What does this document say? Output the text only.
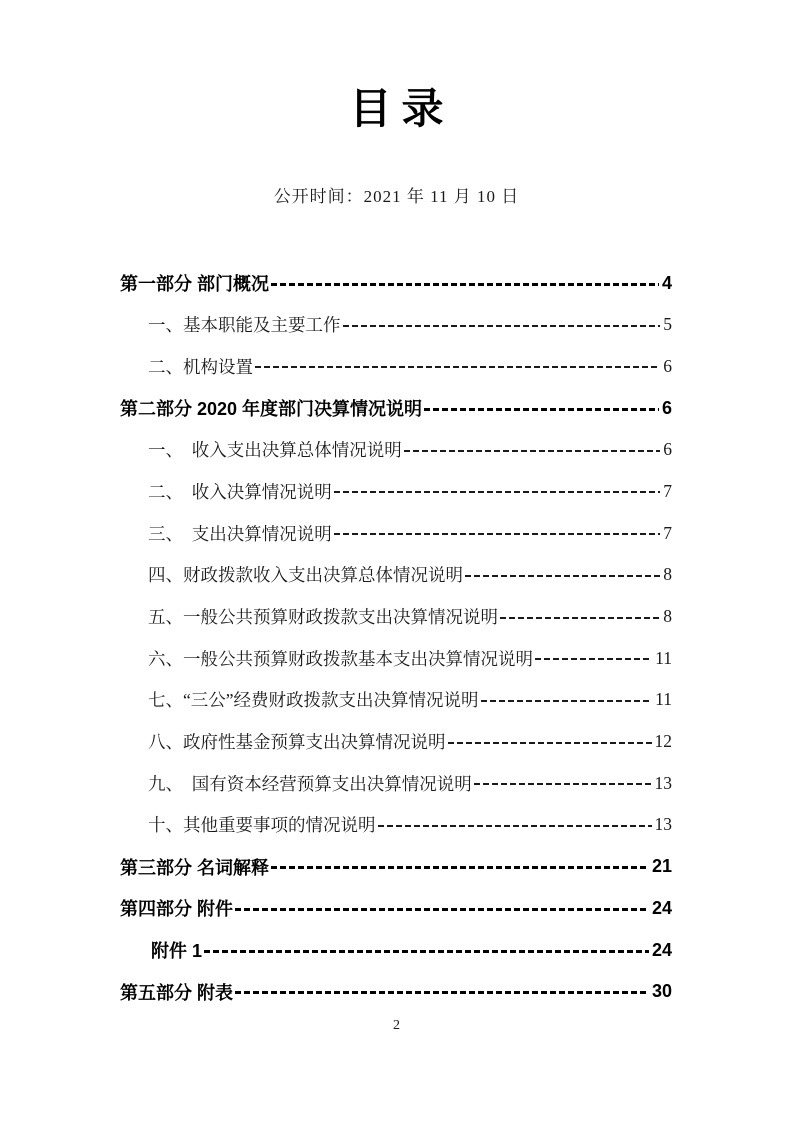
目录
公开时间：2021 年 11 月 10 日
第一部分 部门概况	4
一、基本职能及主要工作	5
二、机构设置	6
第二部分 2020 年度部门决算情况说明	6
一、　收入支出决算总体情况说明	6
二、　收入决算情况说明	7
三、　支出决算情况说明	7
四、财政拨款收入支出决算总体情况说明	8
五、一般公共预算财政拨款支出决算情况说明	8
六、一般公共预算财政拨款基本支出决算情况说明	11
七、“三公”经费财政拨款支出决算情况说明	11
八、政府性基金预算支出决算情况说明	12
九、　国有资本经营预算支出决算情况说明	13
十、其他重要事项的情况说明	13
第三部分 名词解释	21
第四部分 附件	24
附件 1	24
第五部分 附表	30
2
